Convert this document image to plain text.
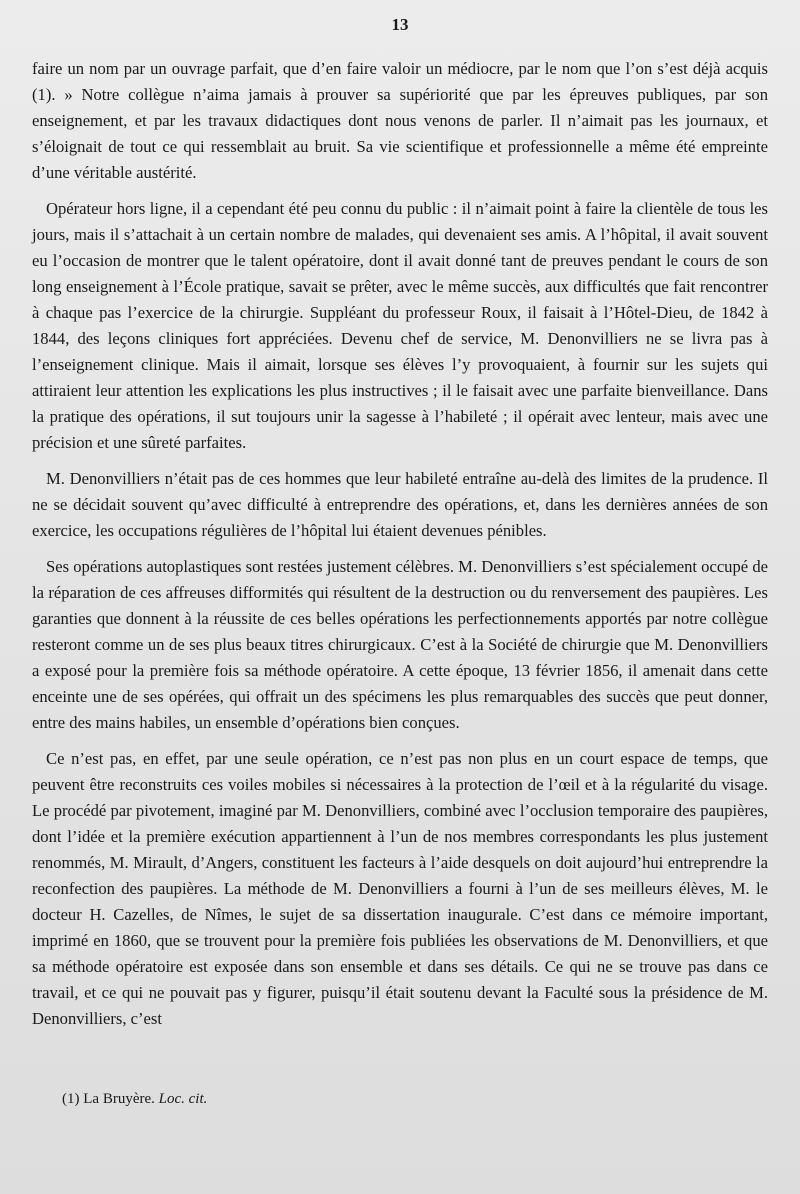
13

faire un nom par un ouvrage parfait, que d’en faire valoir un médiocre, par le nom que l’on s’est déjà acquis (1). » Notre collègue n’aima jamais à prouver sa supériorité que par les épreuves publiques, par son enseignement, et par les travaux didactiques dont nous venons de parler. Il n’aimait pas les journaux, et s’éloignait de tout ce qui ressemblait au bruit. Sa vie scientifique et professionnelle a même été empreinte d’une véritable austérité.

Opérateur hors ligne, il a cependant été peu connu du public : il n’aimait point à faire la clientèle de tous les jours, mais il s’attachait à un certain nombre de malades, qui devenaient ses amis. A l’hôpital, il avait souvent eu l’occasion de montrer que le talent opératoire, dont il avait donné tant de preuves pendant le cours de son long enseignement à l’École pratique, savait se prêter, avec le même succès, aux difficultés que fait rencontrer à chaque pas l’exercice de la chirurgie. Suppléant du professeur Roux, il faisait à l’Hôtel-Dieu, de 1842 à 1844, des leçons cliniques fort appréciées. Devenu chef de service, M. Denonvilliers ne se livra pas à l’enseignement clinique. Mais il aimait, lorsque ses élèves l’y provoquaient, à fournir sur les sujets qui attiraient leur attention les explications les plus instructives ; il le faisait avec une parfaite bienveillance. Dans la pratique des opérations, il sut toujours unir la sagesse à l’habileté ; il opérait avec lenteur, mais avec une précision et une sûreté parfaites.

M. Denonvilliers n’était pas de ces hommes que leur habileté entraîne au-delà des limites de la prudence. Il ne se décidait souvent qu’avec difficulté à entreprendre des opérations, et, dans les dernières années de son exercice, les occupations régulières de l’hôpital lui étaient devenues pénibles.

Ses opérations autoplastiques sont restées justement célèbres. M. Denonvilliers s’est spécialement occupé de la réparation de ces affreuses difformités qui résultent de la destruction ou du renversement des paupières. Les garanties que donnent à la réussite de ces belles opérations les perfectionnements apportés par notre collègue resteront comme un de ses plus beaux titres chirurgicaux. C’est à la Société de chirurgie que M. Denonvilliers a exposé pour la première fois sa méthode opératoire. A cette époque, 13 février 1856, il amenait dans cette enceinte une de ses opérées, qui offrait un des spécimens les plus remarquables des succès que peut donner, entre des mains habiles, un ensemble d’opérations bien conçues.

Ce n’est pas, en effet, par une seule opération, ce n’est pas non plus en un court espace de temps, que peuvent être reconstruits ces voiles mobiles si nécessaires à la protection de l’œil et à la régularité du visage. Le procédé par pivotement, imaginé par M. Denonvilliers, combiné avec l’occlusion temporaire des paupières, dont l’idée et la première exécution appartiennent à l’un de nos membres correspondants les plus justement renommés, M. Mirault, d’Angers, constituent les facteurs à l’aide desquels on doit aujourd’hui entreprendre la reconfection des paupières. La méthode de M. Denonvilliers a fourni à l’un de ses meilleurs élèves, M. le docteur H. Cazelles, de Nîmes, le sujet de sa dissertation inaugurale. C’est dans ce mémoire important, imprimé en 1860, que se trouvent pour la première fois publiées les observations de M. Denonvilliers, et que sa méthode opératoire est exposée dans son ensemble et dans ses détails. Ce qui ne se trouve pas dans ce travail, et ce qui ne pouvait pas y figurer, puisqu’il était soutenu devant la Faculté sous la présidence de M. Denonvilliers, c’est

(1) La Bruyère. Loc. cit.
